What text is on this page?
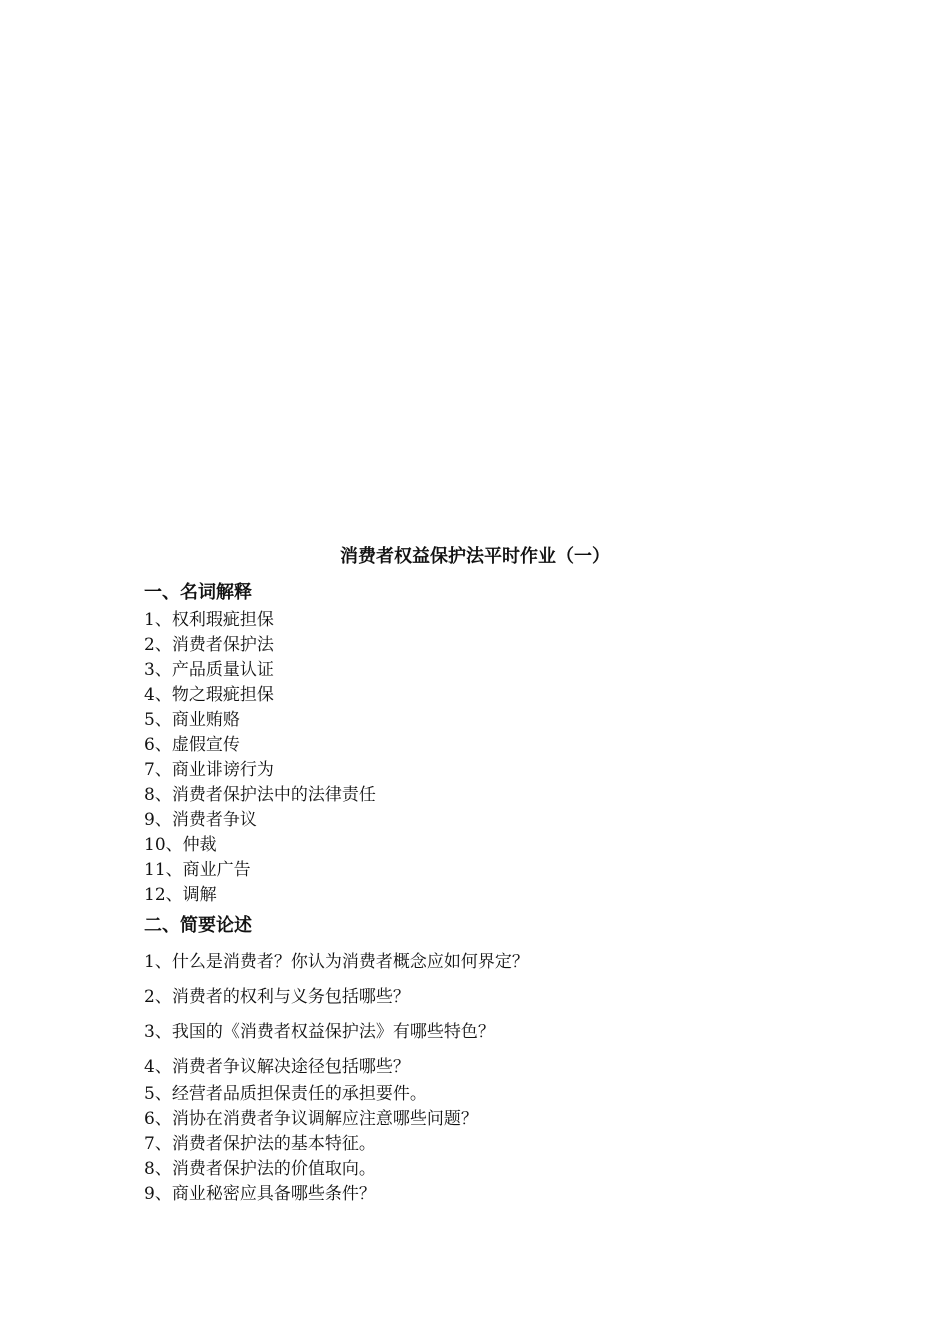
消费者权益保护法平时作业（一）
一、名词解释
1、权利瑕疵担保
2、消费者保护法
3、产品质量认证
4、物之瑕疵担保
5、商业贿赂
6、虚假宣传
7、商业诽谤行为
8、消费者保护法中的法律责任
9、消费者争议
10、仲裁
11、商业广告
12、调解
二、简要论述
1、什么是消费者？你认为消费者概念应如何界定？
2、消费者的权利与义务包括哪些？
3、我国的《消费者权益保护法》有哪些特色？
4、消费者争议解决途径包括哪些？
5、经营者品质担保责任的承担要件。
6、消协在消费者争议调解应注意哪些问题？
7、消费者保护法的基本特征。
8、消费者保护法的价值取向。
9、商业秘密应具备哪些条件？
